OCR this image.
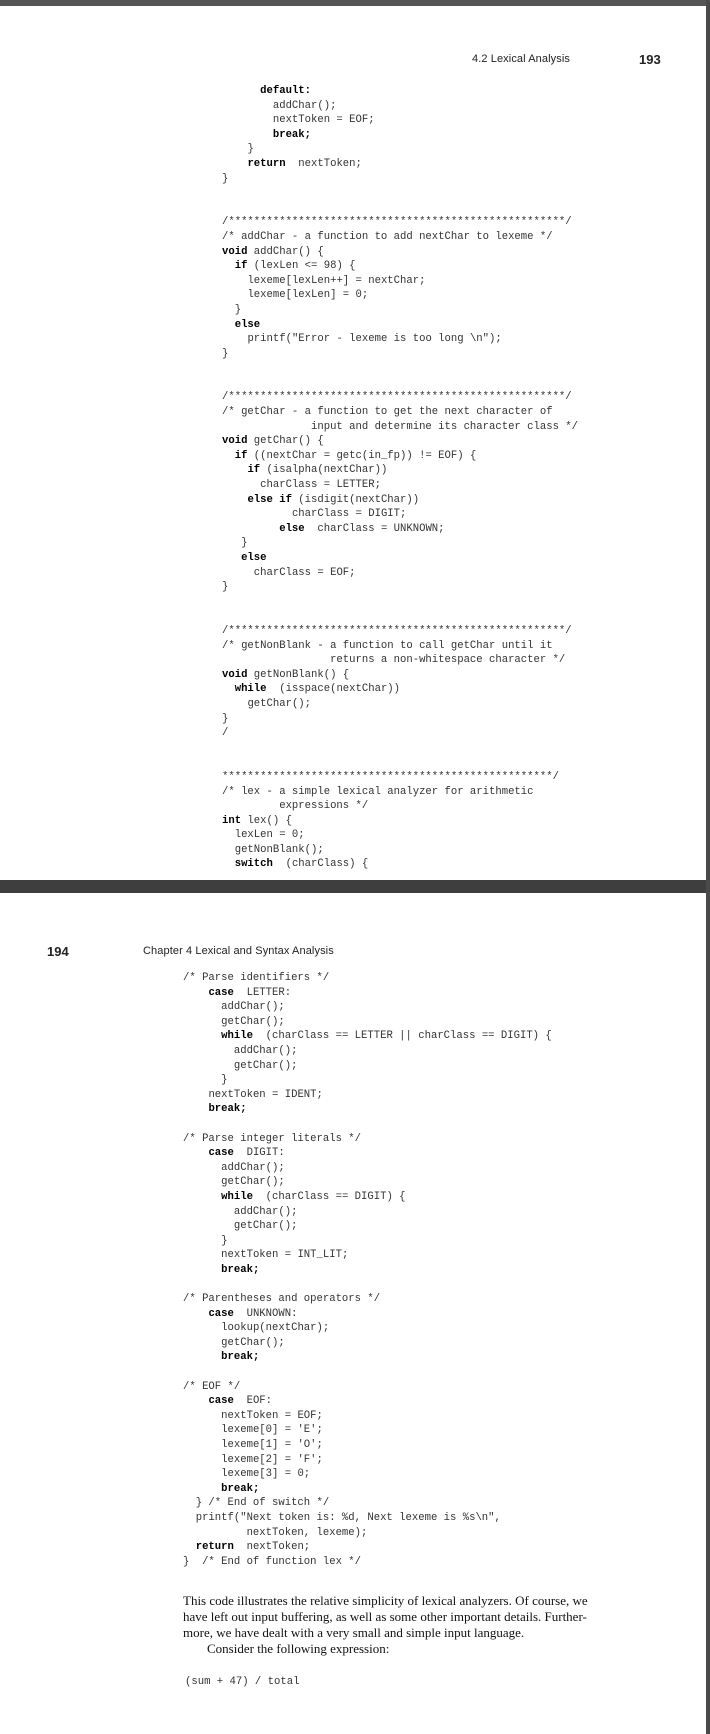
4.2 Lexical Analysis	193
default:
addChar();
nextToken = EOF;
break;
}
return  nextToken;
}

/*****************************************************/
/* addChar - a function to add nextChar to lexeme */
void addChar() {
if (lexLen <= 98) {
lexeme[lexLen++] = nextChar;
lexeme[lexLen] = 0;
}
else
printf("Error - lexeme is too long \n");
}

/*****************************************************/
/* getChar - a function to get the next character of
input and determine its character class */
void getChar() {
if ((nextChar = getc(in_fp)) != EOF) {
if (isalpha(nextChar))
charClass = LETTER;
else if (isdigit(nextChar))
charClass = DIGIT;
else  charClass = UNKNOWN;
}
else
charClass = EOF;
}

/*****************************************************/
/* getNonBlank - a function to call getChar until it
returns a non-whitespace character */
void getNonBlank() {
while  (isspace(nextChar))
getChar();
}
/

****************************************************/
/* lex - a simple lexical analyzer for arithmetic
expressions */
int lex() {
lexLen = 0;
getNonBlank();
switch  (charClass) {
194	Chapter 4 Lexical and Syntax Analysis
/* Parse identifiers */
case  LETTER:
addChar();
getChar();
while  (charClass == LETTER || charClass == DIGIT) {
addChar();
getChar();
}
nextToken = IDENT;
break;

/* Parse integer literals */
case  DIGIT:
addChar();
getChar();
while  (charClass == DIGIT) {
addChar();
getChar();
}
nextToken = INT_LIT;
break;

/* Parentheses and operators */
case  UNKNOWN:
lookup(nextChar);
getChar();
break;

/* EOF */
case  EOF:
nextToken = EOF;
lexeme[0] = 'E';
lexeme[1] = 'O';
lexeme[2] = 'F';
lexeme[3] = 0;
break;
} /* End of switch */
printf("Next token is: %d, Next lexeme is %s\n",
nextToken, lexeme);
return  nextToken;
}  /* End of function lex */
This code illustrates the relative simplicity of lexical analyzers. Of course, we
have left out input buffering, as well as some other important details. Further-
more, we have dealt with a very small and simple input language.
Consider the following expression:
(sum + 47) / total
